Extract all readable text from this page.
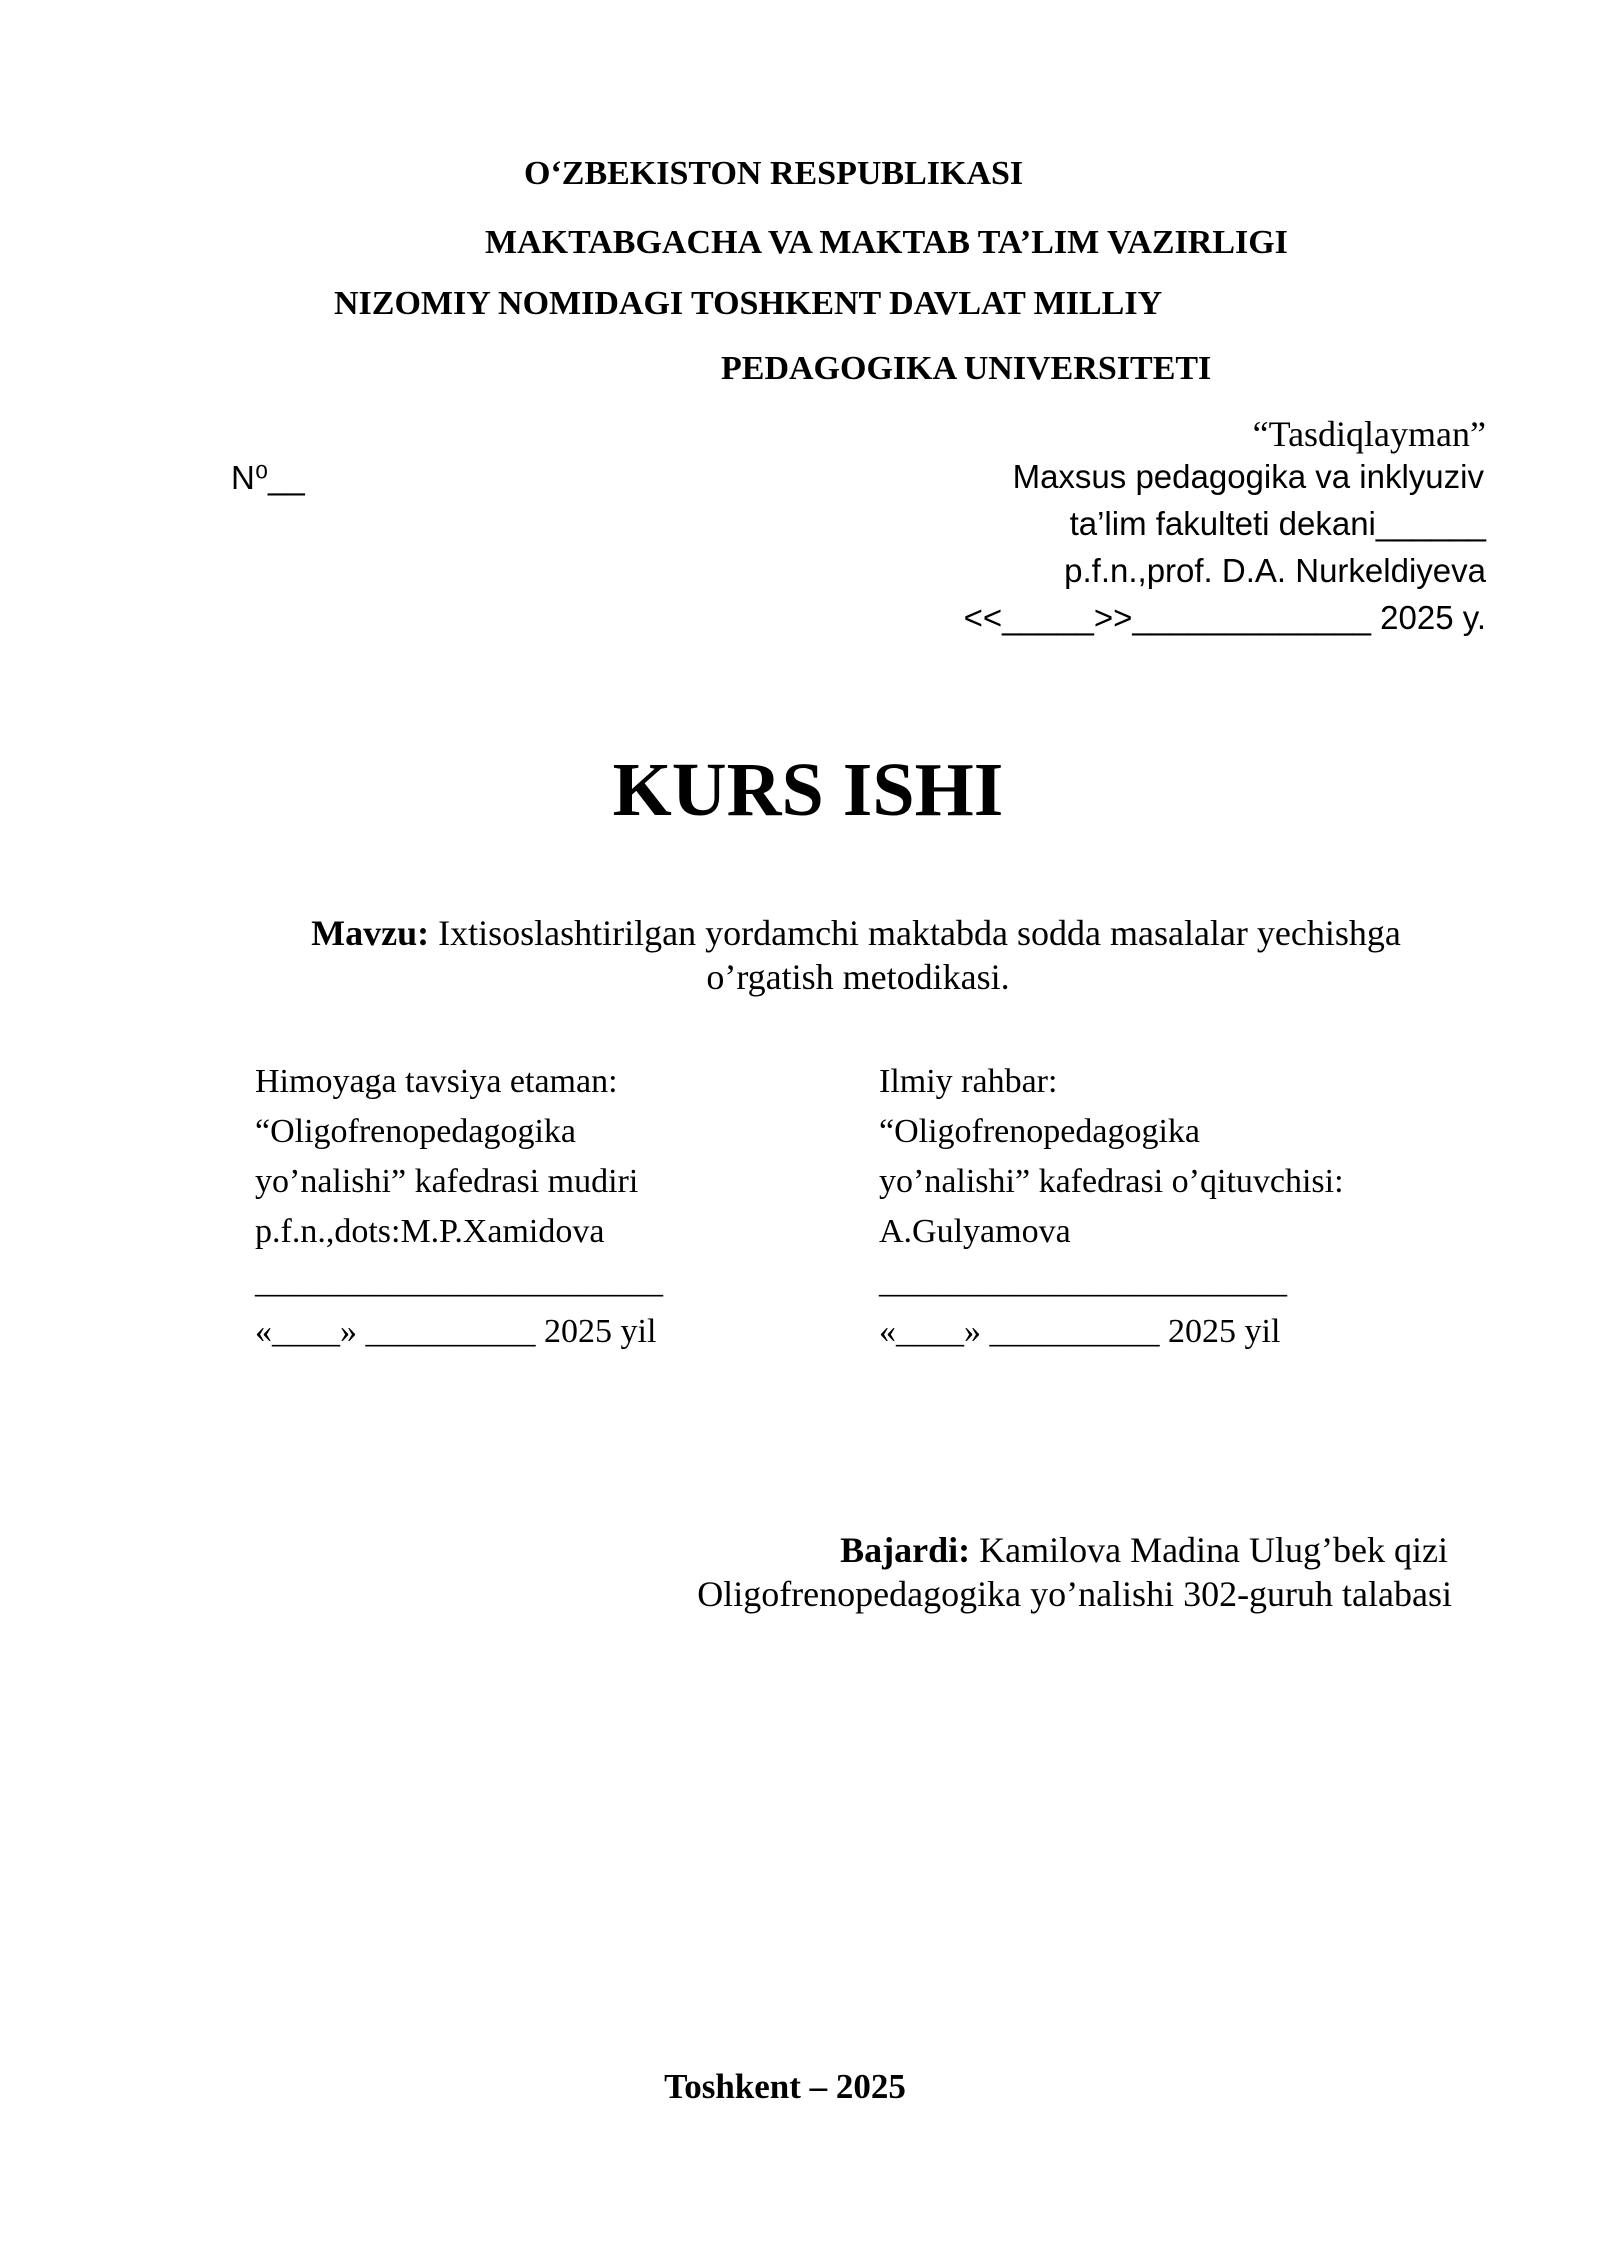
O‘ZBEKISTON RESPUBLIKASI
MAKTABGACHA VA MAKTAB TA’LIM VAZIRLIGI
NIZOMIY NOMIDAGI TOSHKENT DAVLAT MILLIY
PEDAGOGIKA UNIVERSITETI
“Tasdiqlayman”
N⁰__	Maxsus pedagogika va inklyuziv
ta’lim fakulteti dekani______
p.f.n.,prof. D.A. Nurkeldiyeva
<<_____>>_____________ 2025 y.
KURS ISHI
Mavzu: Ixtisoslashtirilgan yordamchi maktabda sodda masalalar yechishga
o’rgatish metodikasi.
Himoyaga tavsiya etaman:
“Oligofrenopedagogika
yo’nalishi” kafedrasi mudiri
p.f.n.,dots:M.P.Xamidova
________________________
«____» __________ 2025 yil
Ilmiy rahbar:
“Oligofrenopedagogika
yo’nalishi” kafedrasi o’qituvchisi:
A.Gulyamova
________________________
«____» __________ 2025 yil
Bajardi: Kamilova Madina Ulug’bek qizi
Oligofrenopedagogika yo’nalishi 302-guruh talabasi
Toshkent – 2025
